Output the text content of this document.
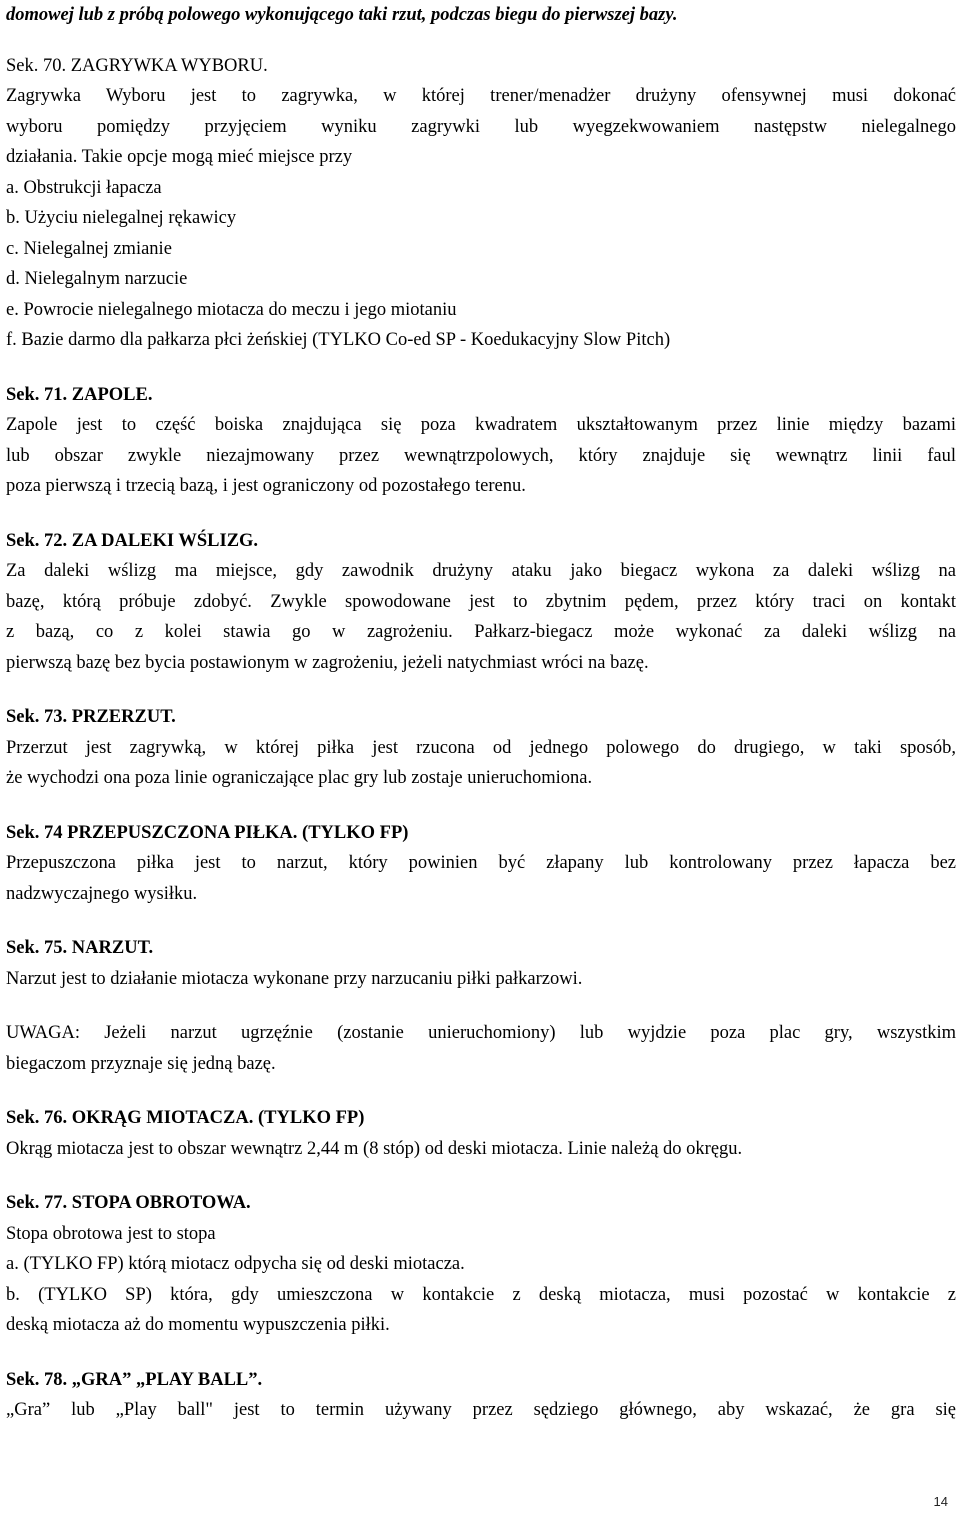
domowej lub z próbą polowego wykonującego taki rzut, podczas biegu do pierwszej bazy.
Sek. 70. ZAGRYWKA WYBORU.
Zagrywka Wyboru jest to zagrywka, w której trener/menadżer drużyny ofensywnej musi dokonać
wyboru pomiędzy przyjęciem wyniku zagrywki lub wyegzekwowaniem następstw nielegalnego
działania. Takie opcje mogą mieć miejsce przy
a. Obstrukcji łapacza
b. Użyciu nielegalnej rękawicy
c. Nielegalnej zmianie
d. Nielegalnym narzucie
e. Powrocie nielegalnego miotacza do meczu i jego miotaniu
f. Bazie darmo dla pałkarza płci żeńskiej (TYLKO Co-ed SP - Koedukacyjny Slow Pitch)
Sek. 71. ZAPOLE.
Zapole jest to część boiska znajdująca się poza kwadratem ukształtowanym przez linie między bazami
lub obszar zwykle niezajmowany przez wewnątrzpolowych, który znajduje się wewnątrz linii faul
poza pierwszą i trzecią bazą, i jest ograniczony od pozostałego terenu.
Sek. 72. ZA DALEKI WŚLIZG.
Za daleki wślizg ma miejsce, gdy zawodnik drużyny ataku jako biegacz wykona za daleki wślizg na
bazę, którą próbuje zdobyć. Zwykle spowodowane jest to zbytnim pędem, przez który traci on kontakt
z bazą, co z kolei stawia go w zagrożeniu. Pałkarz-biegacz może wykonać za daleki wślizg na
pierwszą bazę bez bycia postawionym w zagrożeniu, jeżeli natychmiast wróci na bazę.
Sek. 73. PRZERZUT.
Przerzut jest zagrywką, w której piłka jest rzucona od jednego polowego do drugiego, w taki sposób,
że wychodzi ona poza linie ograniczające plac gry lub zostaje unieruchomiona.
Sek. 74 PRZEPUSZCZONA PIŁKA. (TYLKO FP)
Przepuszczona piłka jest to narzut, który powinien być złapany lub kontrolowany przez łapacza bez
nadzwyczajnego wysiłku.
Sek. 75. NARZUT.
Narzut jest to działanie miotacza wykonane przy narzucaniu piłki pałkarzowi.
UWAGA: Jeżeli narzut ugrzęźnie (zostanie unieruchomiony) lub wyjdzie poza plac gry, wszystkim
biegaczom przyznaje się jedną bazę.
Sek. 76. OKRĄG MIOTACZA. (TYLKO FP)
Okrąg miotacza jest to obszar wewnątrz 2,44 m (8 stóp) od deski miotacza. Linie należą do okręgu.
Sek. 77. STOPA OBROTOWA.
Stopa obrotowa jest to stopa
a. (TYLKO FP) którą miotacz odpycha się od deski miotacza.
b. (TYLKO SP) która, gdy umieszczona w kontakcie z deską miotacza, musi pozostać w kontakcie z
deską miotacza aż do momentu wypuszczenia piłki.
Sek. 78. „GRA” „PLAY BALL”.
„Gra” lub „Play ball" jest to termin używany przez sędziego głównego, aby wskazać, że gra się
14
